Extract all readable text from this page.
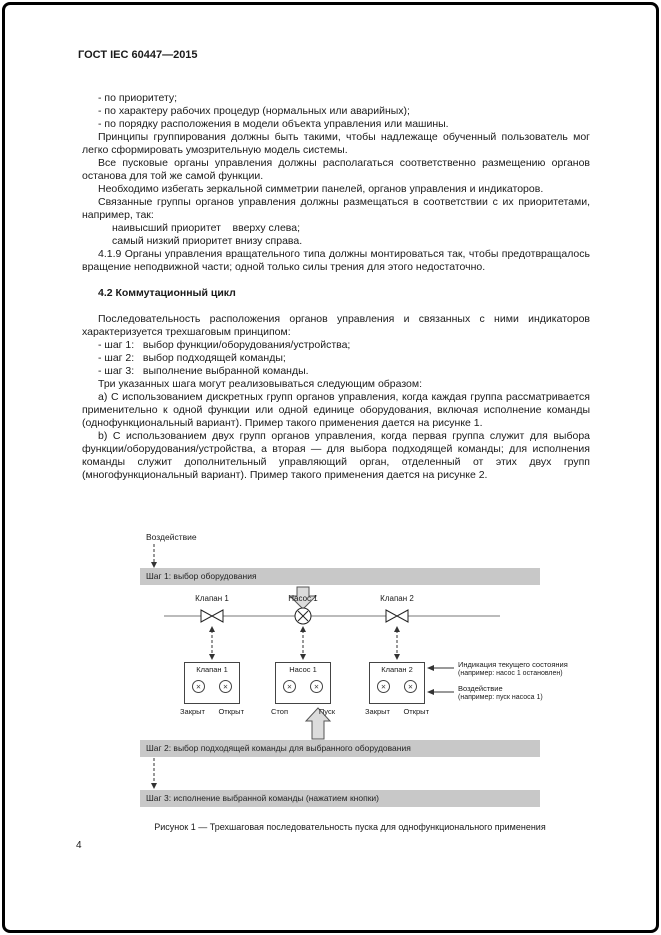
ГОСТ IEC 60447—2015

- по приоритету;

- по характеру рабочих процедур (нормальных или аварийных);

- по порядку расположения в модели объекта управления или машины.

Принципы группирования должны быть такими, чтобы надлежаще обученный пользователь мог легко сформировать умозрительную модель системы.

Все пусковые органы управления должны располагаться соответственно размещению органов останова для той же самой функции.

Необходимо избегать зеркальной симметрии панелей, органов управления и индикаторов.

Связанные группы органов управления должны размещаться в соответствии с их приоритетами, например, так:

наивысший приоритет    вверху слева;

самый низкий приоритет внизу справа.

4.1.9 Органы управления вращательного типа должны монтироваться так, чтобы предотвращалось вращение неподвижной части; одной только силы трения для этого недостаточно.

4.2 Коммутационный цикл

Последовательность расположения органов управления и связанных с ними индикаторов характеризуется трехшаговым принципом:

- шаг 1:   выбор функции/оборудования/устройства;

- шаг 2:   выбор подходящей команды;

- шаг 3:   выполнение выбранной команды.

Три указанных шага могут реализовываться следующим образом:

a) С использованием дискретных групп органов управления, когда каждая группа рассматривается применительно к одной функции или одной единице оборудования, включая исполнение команды (однофункциональный вариант). Пример такого применения дается на рисунке 1.

b) С использованием двух групп органов управления, когда первая группа служит для выбора функции/оборудования/устройства, а вторая — для выбора подходящей команды; для исполнения команды служит дополнительный управляющий орган, отделенный от этих двух групп (многофункциональный вариант). Пример такого применения дается на рисунке 2.

Воздействие
Шаг 1: выбор оборудования
Клапан 1	Насос 1	Клапан 2
Клапан 1
✕	✕
Насос 1
✕	✕
Клапан 2
✕	✕
Закрыт Открыт	Стоп	Пуск	Закрыт Открыт
Индикация текущего состояния
(например: насос 1 остановлен)
Воздействие
(например: пуск насоса 1)
Шаг 2: выбор подходящей команды для выбранного оборудования
Шаг 3: исполнение выбранной команды (нажатием кнопки)
Рисунок 1 — Трехшаговая последовательность пуска для однофункционального применения
4
